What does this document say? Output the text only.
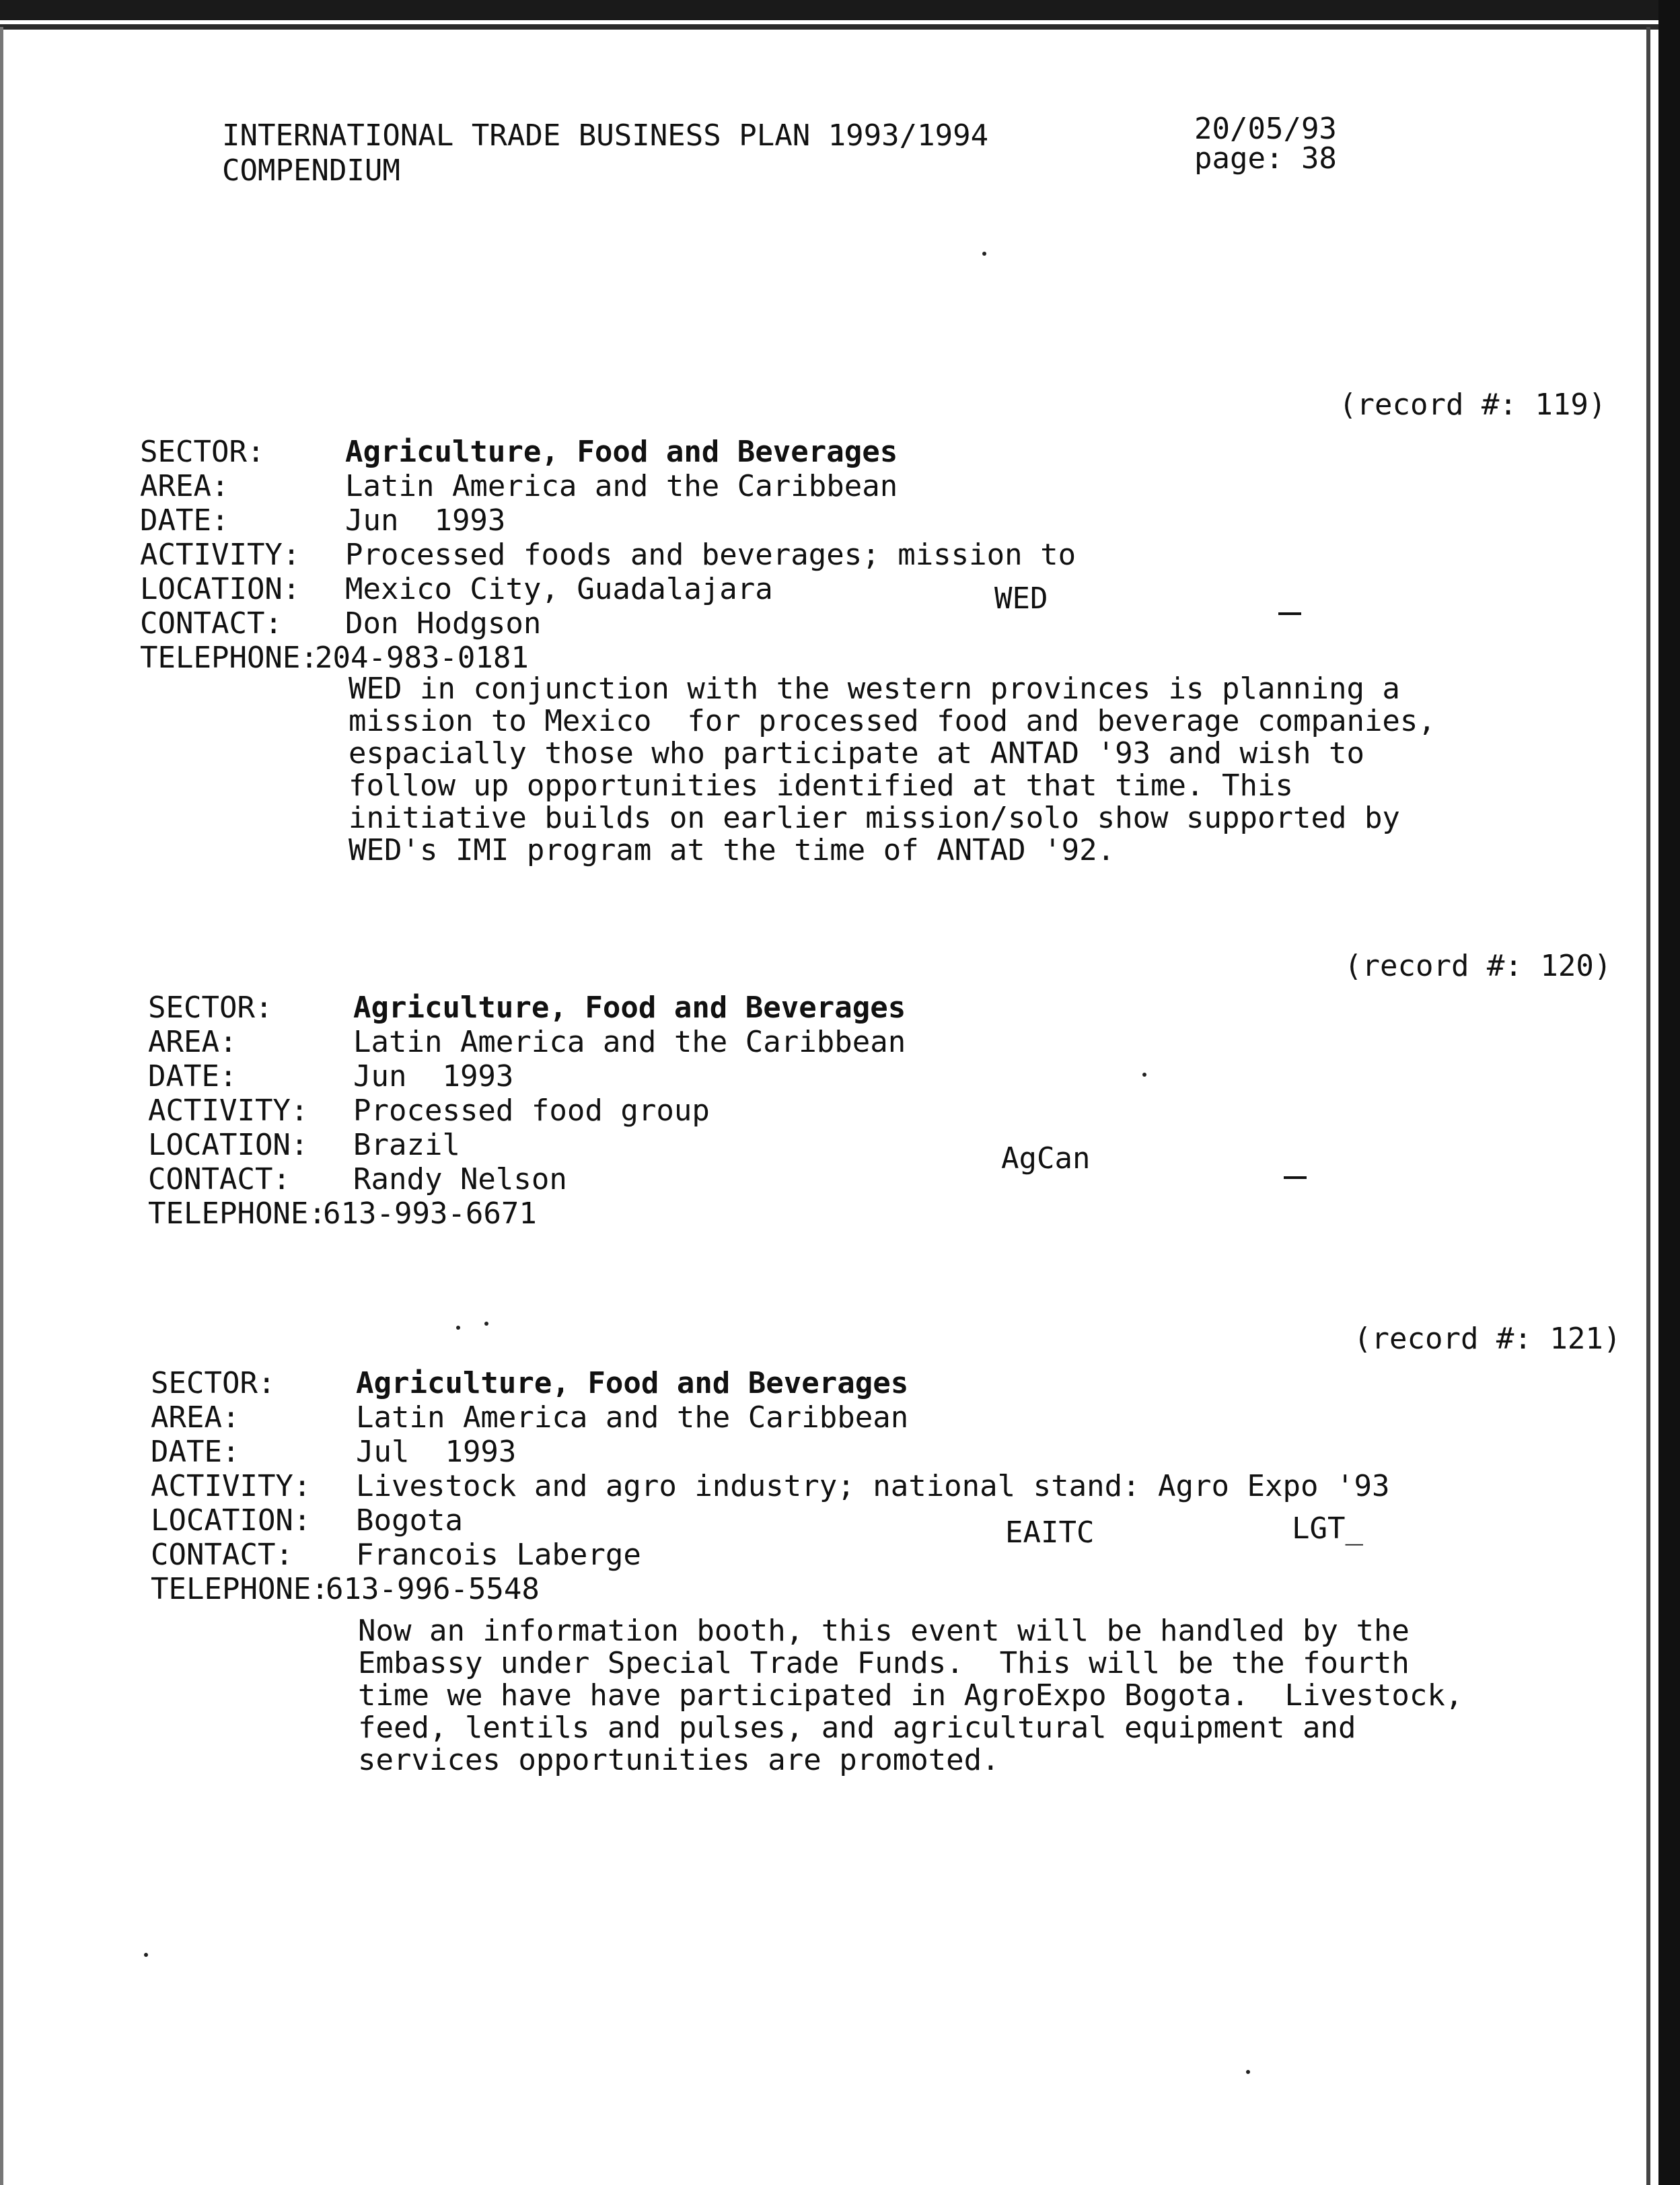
INTERNATIONAL TRADE BUSINESS PLAN 1993/1994
COMPENDIUM
20/05/93
page: 38
(record #: 119)
SECTOR:	Agriculture, Food and Beverages
AREA:	Latin America and the Caribbean
DATE:	Jun  1993
ACTIVITY:	Processed foods and beverages; mission to
LOCATION:	Mexico City, Guadalajara
CONTACT:	Don Hodgson
TELEPHONE:
204-983-0181
WED
WED in conjunction with the western provinces is planning a
mission to Mexico  for processed food and beverage companies,
espacially those who participate at ANTAD '93 and wish to
follow up opportunities identified at that time. This
initiative builds on earlier mission/solo show supported by
WED's IMI program at the time of ANTAD '92.
(record #: 120)
SECTOR:	Agriculture, Food and Beverages
AREA:	Latin America and the Caribbean
DATE:	Jun  1993
ACTIVITY:	Processed food group
LOCATION:	Brazil
CONTACT:	Randy Nelson
TELEPHONE:
613-993-6671
AgCan
(record #: 121)
SECTOR:	Agriculture, Food and Beverages
AREA:	Latin America and the Caribbean
DATE:	Jul  1993
ACTIVITY:	Livestock and agro industry; national stand: Agro Expo '93
LOCATION:	Bogota
CONTACT:	Francois Laberge
TELEPHONE:
613-996-5548
EAITC	LGT_
Now an information booth, this event will be handled by the
Embassy under Special Trade Funds.  This will be the fourth
time we have have participated in AgroExpo Bogota.  Livestock,
feed, lentils and pulses, and agricultural equipment and
services opportunities are promoted.
